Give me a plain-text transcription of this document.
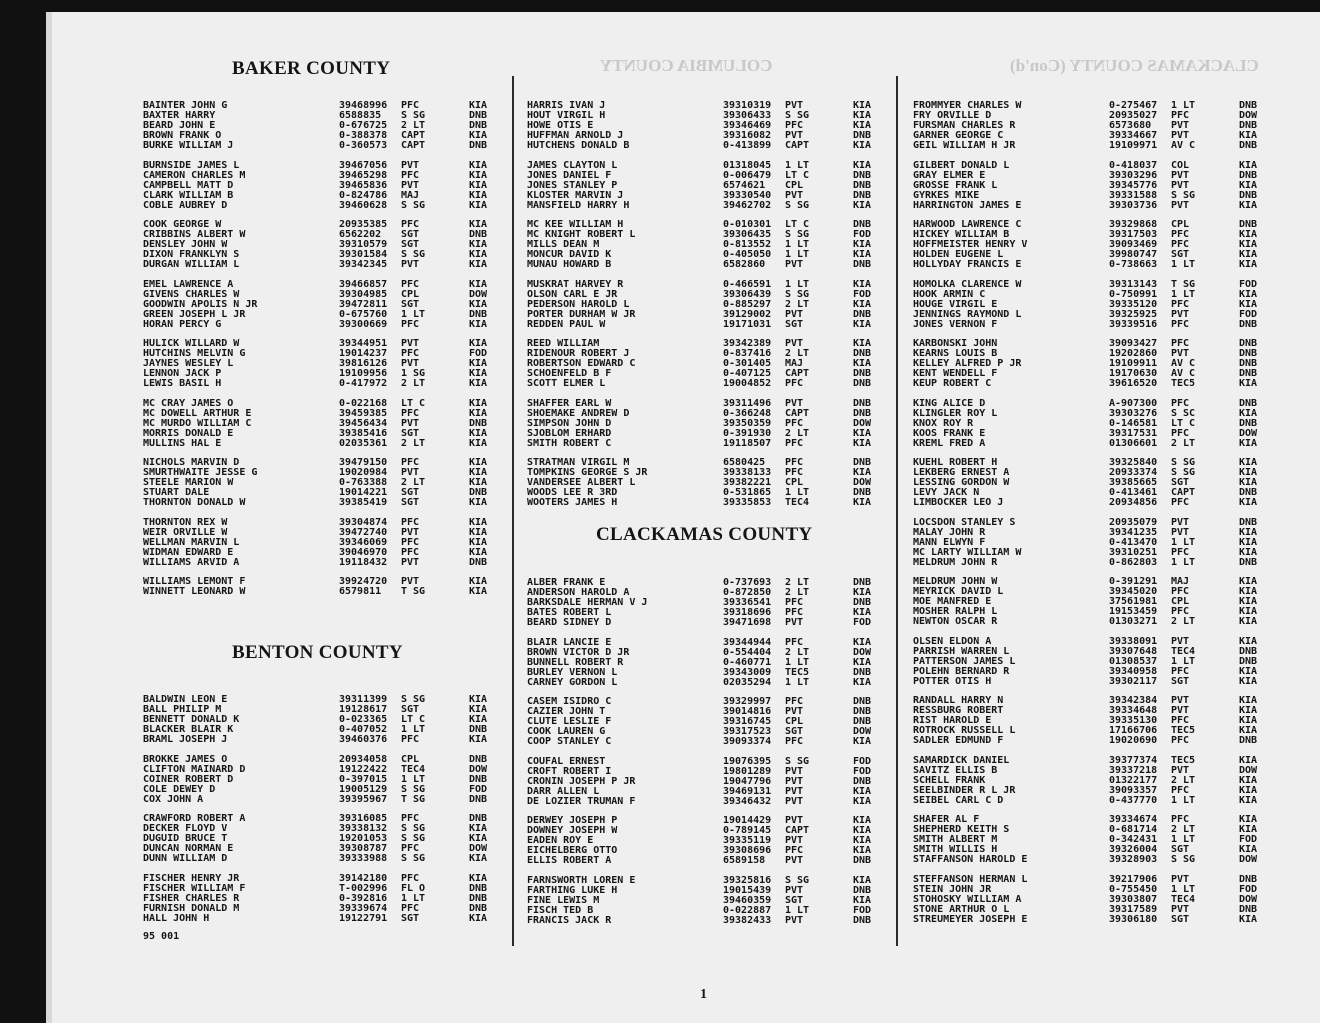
COLUMBIA COUNTY	CLACKAMAS COUNTY (Con'd)
BAKER COUNTY
BENTON COUNTY
CLACKAMAS COUNTY
BAINTER JOHN G	39468996 PFC	KIA
BAXTER HARRY	6588835 S SG	DNB
BEARD JOHN E	0-676725 2 LT	DNB
BROWN FRANK O	0-388378 CAPT	KIA
BURKE WILLIAM J	0-360573 CAPT	DNB
BURNSIDE JAMES L	39467056 PVT	KIA
CAMERON CHARLES M	39465298 PFC	KIA
CAMPBELL MATT D	39465836 PVT	KIA
CLARK WILLIAM B	0-824786 MAJ	KIA
COBLE AUBREY D	39460628 S SG	KIA
COOK GEORGE W	20935385 PFC	KIA
CRIBBINS ALBERT W	6562202 SGT	DNB
DENSLEY JOHN W	39310579 SGT	KIA
DIXON FRANKLYN S	39301584 S SG	KIA
DURGAN WILLIAM L	39342345 PVT	KIA
EMEL LAWRENCE A	39466857 PFC	KIA
GIVENS CHARLES W	39304985 CPL	DOW
GOODWIN APOLIS N JR	39472811 SGT	KIA
GREEN JOSEPH L JR	0-675760 1 LT	DNB
HORAN PERCY G	39300669 PFC	KIA
HULICK WILLARD W	39344951 PVT	KIA
HUTCHINS MELVIN G	19014237 PFC	FOD
JAYNES WESLEY L	39816126 PVT	KIA
LENNON JACK P	19109956 1 SG	KIA
LEWIS BASIL H	0-417972 2 LT	KIA
MC CRAY JAMES O	0-022168 LT C	KIA
MC DOWELL ARTHUR E	39459385 PFC	KIA
MC MURDO WILLIAM C	39456434 PVT	DNB
MORRIS DONALD E	39385416 SGT	KIA
MULLINS HAL E	02035361 2 LT	KIA
NICHOLS MARVIN D	39479150 PFC	KIA
SMURTHWAITE JESSE G	19020984 PVT	KIA
STEELE MARION W	0-763388 2 LT	KIA
STUART DALE	19014221 SGT	DNB
THORNTON DONALD W	39385419 SGT	KIA
THORNTON REX W	39304874 PFC	KIA
WEIR ORVILLE W	39472740 PVT	KIA
WELLMAN MARVIN L	39346069 PFC	KIA
WIDMAN EDWARD E	39046970 PFC	KIA
WILLIAMS ARVID A	19118432 PVT	DNB
WILLIAMS LEMONT F	39924720 PVT	KIA
WINNETT LEONARD W	6579811 T SG	KIA
BALDWIN LEON E	39311399 S SG	KIA
BALL PHILIP M	19128617 SGT	KIA
BENNETT DONALD K	0-023365 LT C	KIA
BLACKER BLAIR K	0-407052 1 LT	DNB
BRAML JOSEPH J	39460376 PFC	KIA
BROKKE JAMES O	20934058 CPL	DNB
CLIFTON MAINARD D	19122422 TEC4	DOW
COINER ROBERT D	0-397015 1 LT	DNB
COLE DEWEY D	19005129 S SG	FOD
COX JOHN A	39395967 T SG	DNB
CRAWFORD ROBERT A	39316085 PFC	DNB
DECKER FLOYD V	39338132 S SG	KIA
DUGUID BRUCE T	19201053 S SG	KIA
DUNCAN NORMAN E	39308787 PFC	DOW
DUNN WILLIAM D	39333988 S SG	KIA
FISCHER HENRY JR	39142180 PFC	KIA
FISCHER WILLIAM F	T-002996 FL O	DNB
FISHER CHARLES R	0-392816 1 LT	DNB
FURNISH DONALD M	39339674 PFC	DNB
HALL JOHN H	19122791 SGT	KIA
HARRIS IVAN J	39310319 PVT	KIA
HOUT VIRGIL H	39306433 S SG	KIA
HOWE OTIS E	39346469 PFC	KIA
HUFFMAN ARNOLD J	39316082 PVT	DNB
HUTCHENS DONALD B	0-413899 CAPT	KIA
JAMES CLAYTON L	01318045 1 LT	KIA
JONES DANIEL F	0-006479 LT C	DNB
JONES STANLEY P	6574621 CPL	DNB
KLOSTER MARVIN J	39330540 PVT	DNB
MANSFIELD HARRY H	39462702 S SG	KIA
MC KEE WILLIAM H	0-010301 LT C	DNB
MC KNIGHT ROBERT L	39306435 S SG	FOD
MILLS DEAN M	0-813552 1 LT	KIA
MONCUR DAVID K	0-405050 1 LT	KIA
MUNAU HOWARD B	6582860 PVT	DNB
MUSKRAT HARVEY R	0-466591 1 LT	KIA
OLSON CARL E JR	39306439 S SG	FOD
PEDERSON HAROLD L	0-885297 2 LT	KIA
PORTER DURHAM W JR	39129002 PVT	DNB
REDDEN PAUL W	19171031 SGT	KIA
REED WILLIAM	39342389 PVT	KIA
RIDENOUR ROBERT J	0-837416 2 LT	DNB
ROBERTSON EDWARD C	0-301405 MAJ	KIA
SCHOENFELD B F	0-407125 CAPT	DNB
SCOTT ELMER L	19004852 PFC	DNB
SHAFFER EARL W	39311496 PVT	DNB
SHOEMAKE ANDREW D	0-366248 CAPT	DNB
SIMPSON JOHN D	39350359 PFC	DOW
SJOBLOM ERHARD	0-391930 2 LT	KIA
SMITH ROBERT C	19118507 PFC	KIA
STRATMAN VIRGIL M	6580425 PFC	DNB
TOMPKINS GEORGE S JR	39338133 PFC	KIA
VANDERSEE ALBERT L	39382221 CPL	DOW
WOODS LEE R 3RD	0-531865 1 LT	DNB
WOOTERS JAMES H	39335853 TEC4	KIA
ALBER FRANK E	0-737693 2 LT	DNB
ANDERSON HAROLD A	0-872850 2 LT	KIA
BARKSDALE HERMAN V J	39336541 PFC	DNB
BATES ROBERT L	39318696 PFC	KIA
BEARD SIDNEY D	39471698 PVT	FOD
BLAIR LANCIE E	39344944 PFC	KIA
BROWN VICTOR D JR	0-554404 2 LT	DOW
BUNNELL ROBERT R	0-460771 1 LT	KIA
BURLEY VERNON L	39343009 TEC5	DNB
CARNEY GORDON L	02035294 1 LT	KIA
CASEM ISIDRO C	39329997 PFC	DNB
CAZIER JOHN T	39014816 PVT	DNB
CLUTE LESLIE F	39316745 CPL	DNB
COOK LAUREN G	39317523 SGT	DOW
COOP STANLEY C	39093374 PFC	KIA
COUFAL ERNEST	19076395 S SG	FOD
CROFT ROBERT I	19801289 PVT	FOD
CRONIN JOSEPH P JR	19047796 PVT	DNB
DARR ALLEN L	39469131 PVT	KIA
DE LOZIER TRUMAN F	39346432 PVT	KIA
DERWEY JOSEPH P	19014429 PVT	KIA
DOWNEY JOSEPH W	0-789145 CAPT	KIA
EADEN ROY E	39335119 PVT	KIA
EICHELBERG OTTO	39308696 PFC	KIA
ELLIS ROBERT A	6589158 PVT	DNB
FARNSWORTH LOREN E	39325816 S SG	KIA
FARTHING LUKE H	19015439 PVT	DNB
FINE LEWIS M	39460359 SGT	KIA
FISCH TED B	0-022887 1 LT	FOD
FRANCIS JACK R	39382433 PVT	DNB
FROMMYER CHARLES W	0-275467 1 LT	DNB
FRY ORVILLE D	20935027 PFC	DOW
FURSMAN CHARLES R	6573680 PVT	DNB
GARNER GEORGE C	39334667 PVT	KIA
GEIL WILLIAM H JR	19109971 AV C	DNB
GILBERT DONALD L	0-418037 COL	KIA
GRAY ELMER E	39303296 PVT	DNB
GROSSE FRANK L	39345776 PVT	KIA
GYRKES MIKE	39331588 S SG	DNB
HARRINGTON JAMES E	39303736 PVT	KIA
HARWOOD LAWRENCE C	39329868 CPL	DNB
HICKEY WILLIAM B	39317503 PFC	KIA
HOFFMEISTER HENRY V	39093469 PFC	KIA
HOLDEN EUGENE L	39980747 SGT	KIA
HOLLYDAY FRANCIS E	0-738663 1 LT	KIA
HOMOLKA CLARENCE W	39313143 T SG	FOD
HOOK ARMIN C	0-750991 1 LT	KIA
HOUGE VIRGIL E	39335120 PFC	KIA
JENNINGS RAYMOND L	39325925 PVT	FOD
JONES VERNON F	39339516 PFC	DNB
KARBONSKI JOHN	39093427 PFC	DNB
KEARNS LOUIS B	19202860 PVT	DNB
KELLEY ALFRED P JR	19109911 AV C	DNB
KENT WENDELL F	19170630 AV C	DNB
KEUP ROBERT C	39616520 TEC5	KIA
KING ALICE D	A-907300 PFC	DNB
KLINGLER ROY L	39303276 S SC	KIA
KNOX ROY R	0-146581 LT C	DNB
KOOS FRANK E	39317531 PFC	DOW
KREML FRED A	01306601 2 LT	KIA
KUEHL ROBERT H	39325840 S SG	KIA
LEKBERG ERNEST A	20933374 S SG	KIA
LESSING GORDON W	39385665 SGT	KIA
LEVY JACK N	0-413461 CAPT	DNB
LIMBOCKER LEO J	20934856 PFC	KIA
LOCSDON STANLEY S	20935079 PVT	DNB
MALAY JOHN R	39341235 PVT	KIA
MANN ELWYN F	0-413470 1 LT	KIA
MC LARTY WILLIAM W	39310251 PFC	KIA
MELDRUM JOHN R	0-862803 1 LT	DNB
MELDRUM JOHN W	0-391291 MAJ	KIA
MEYRICK DAVID L	39345020 PFC	KIA
MOE MANFRED E	37561981 CPL	KIA
MOSHER RALPH L	19153459 PFC	KIA
NEWTON OSCAR R	01303271 2 LT	KIA
OLSEN ELDON A	39338091 PVT	KIA
PARRISH WARREN L	39307648 TEC4	DNB
PATTERSON JAMES L	01308537 1 LT	DNB
POLEHN BERNARD R	39340958 PFC	KIA
POTTER OTIS H	39302117 SGT	KIA
RANDALL HARRY N	39342384 PVT	KIA
RESSBURG ROBERT	39334648 PVT	KIA
RIST HAROLD E	39335130 PFC	KIA
ROTROCK RUSSELL L	17166706 TEC5	KIA
SADLER EDMUND F	19020690 PFC	DNB
SAMARDICK DANIEL	39377374 TEC5	KIA
SAVITZ ELLIS B	39337218 PVT	DOW
SCHELL FRANK	01322177 2 LT	KIA
SEELBINDER R L JR	39093357 PFC	KIA
SEIBEL CARL C D	0-437770 1 LT	KIA
SHAFER AL F	39334674 PFC	KIA
SHEPHERD KEITH S	0-681714 2 LT	KIA
SMITH ALBERT M	0-342431 1 LT	FOD
SMITH WILLIS H	39326004 SGT	KIA
STAFFANSON HAROLD E	39328903 S SG	DOW
STEFFANSON HERMAN L	39217906 PVT	DNB
STEIN JOHN JR	0-755450 1 LT	FOD
STOHOSKY WILLIAM A	39303807 TEC4	DOW
STONE ARTHUR O L	39317589 PVT	DNB
STREUMEYER JOSEPH E	39306180 SGT	KIA
95 001
1
